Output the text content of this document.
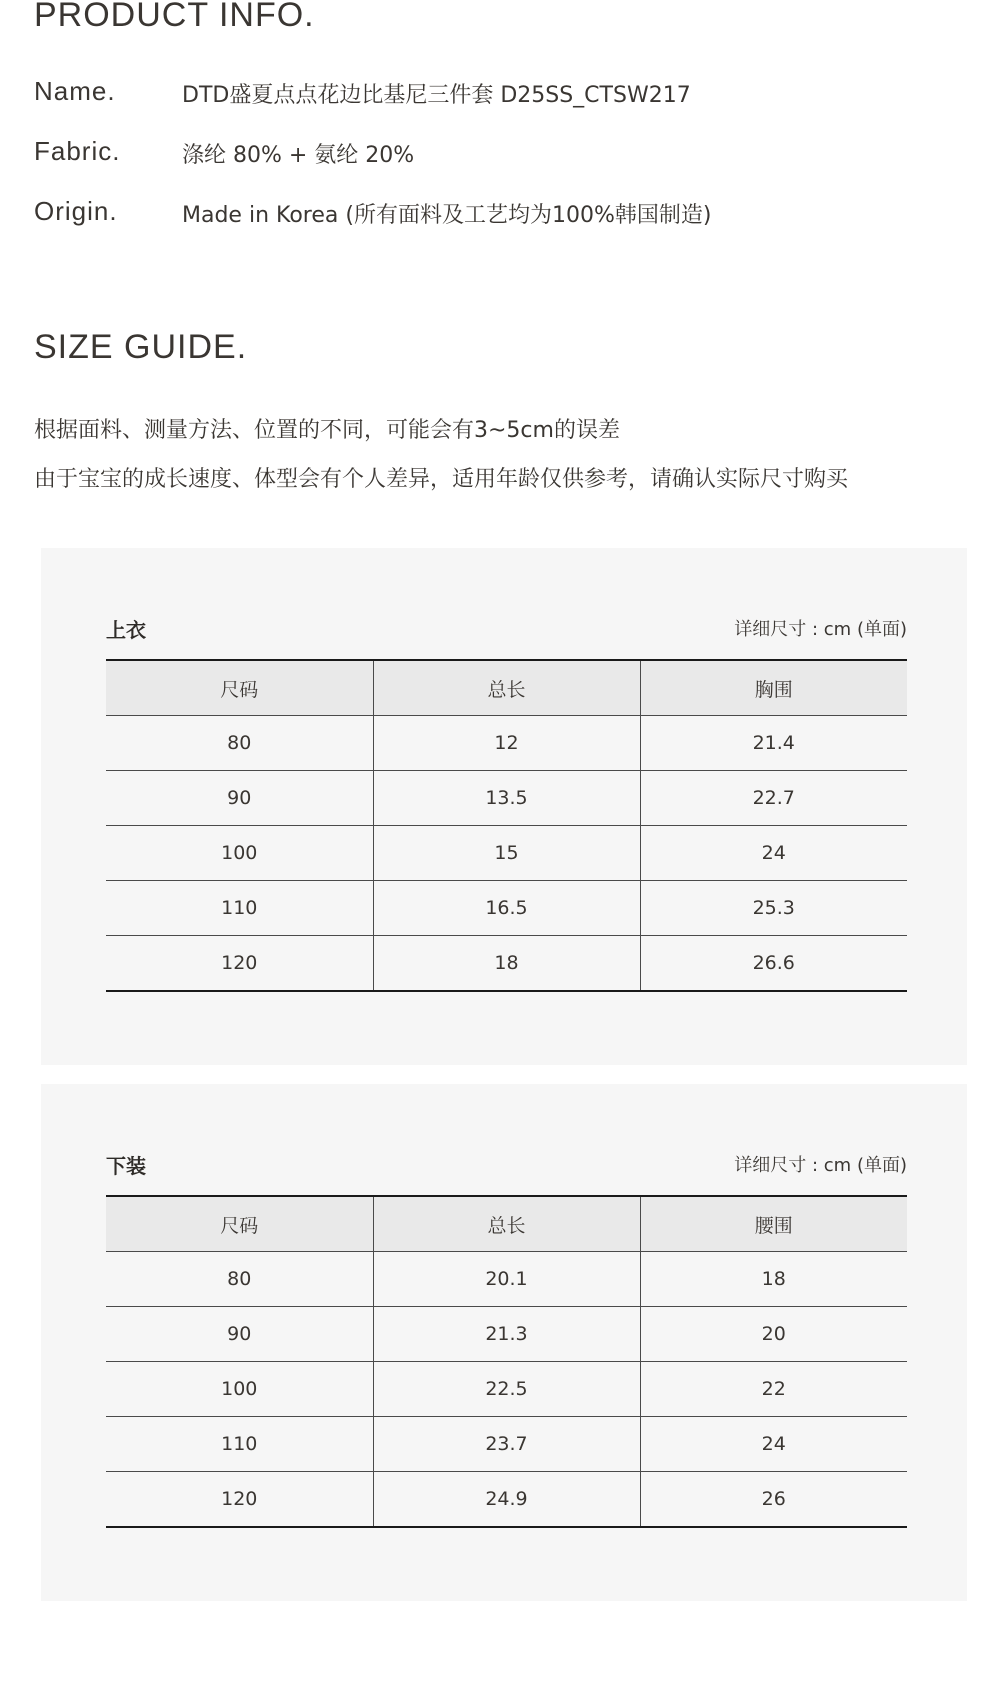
PRODUCT INFO.
Name.	DTD盛夏点点花边比基尼三件套 D25SS_CTSW217
Fabric.	涤纶 80% + 氨纶 20%
Origin.	Made in Korea (所有面料及工艺均为100%韩国制造)
SIZE GUIDE.
根据面料、测量方法、位置的不同，可能会有3~5cm的误差
由于宝宝的成长速度、体型会有个人差异，适用年龄仅供参考，请确认实际尺寸购买
上衣	详细尺寸 : cm (单面)
尺码	总长	胸围
80	12	21.4
90	13.5	22.7
100	15	24
110	16.5	25.3
120	18	26.6
下装	详细尺寸 : cm (单面)
尺码	总长	腰围
80	20.1	18
90	21.3	20
100	22.5	22
110	23.7	24
120	24.9	26
